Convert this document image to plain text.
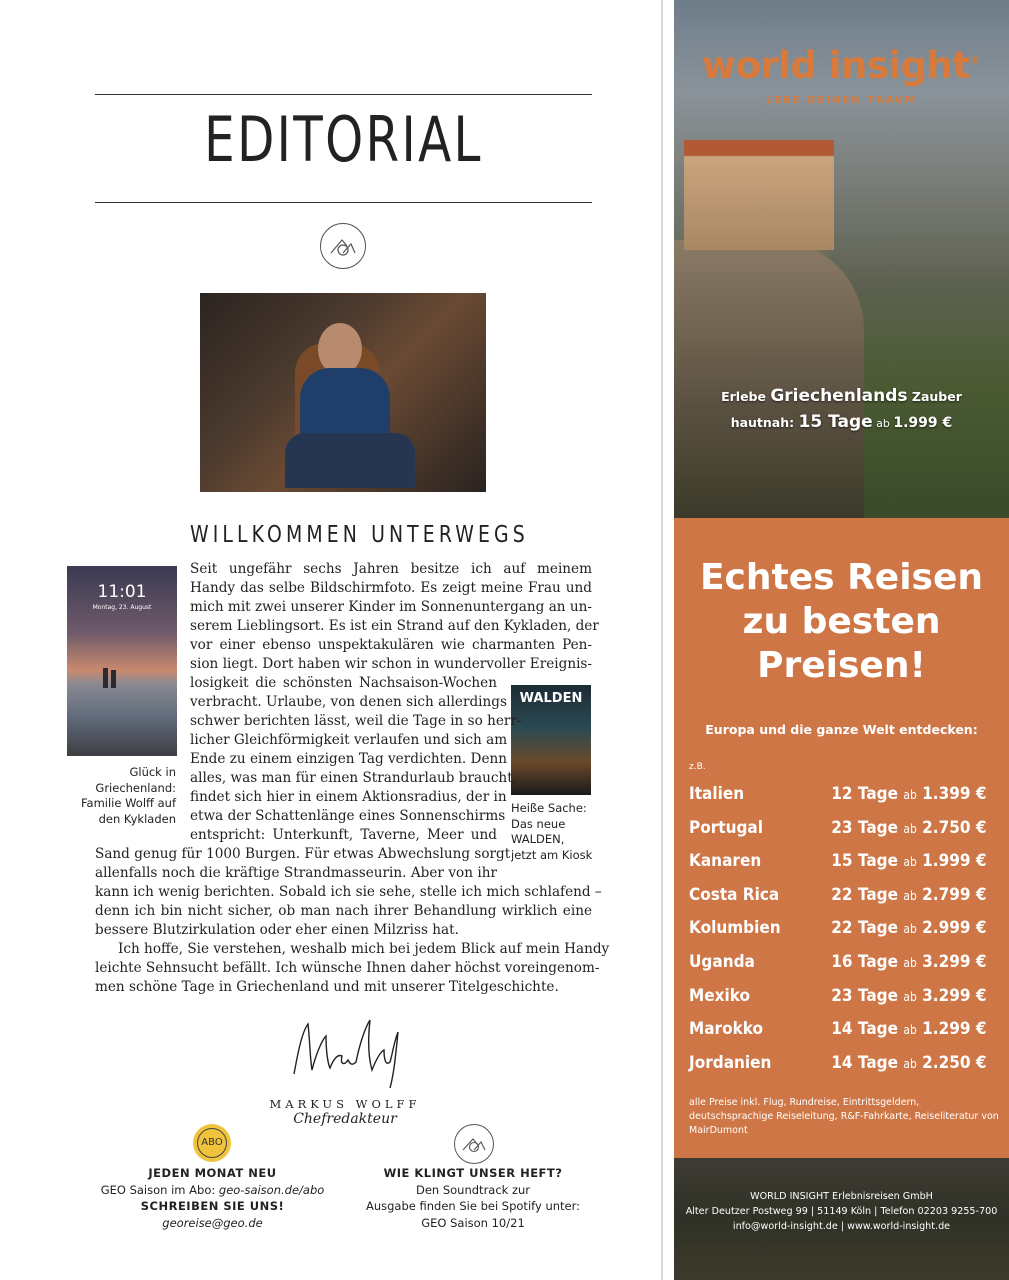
EDITORIAL
WILLKOMMEN UNTERWEGS
11:01
Montag, 23. August
Glück in
Griechenland:
Familie Wolff auf
den Kykladen
WALDEN
Heiße Sache:
Das neue
WALDEN,
jetzt am Kiosk
Seit ungefähr sechs Jahren besitze ich auf meinem
Handy das selbe Bildschirmfoto. Es zeigt meine Frau und
mich mit zwei unserer Kinder im Sonnenuntergang an un-
serem Lieblingsort. Es ist ein Strand auf den Kykladen, der
vor einer ebenso unspektakulären wie charmanten Pen-
sion liegt. Dort haben wir schon in wundervoller Ereignis-
losigkeit die schönsten Nachsaison-Wochen
verbracht. Urlaube, von denen sich allerdings
schwer berichten lässt, weil die Tage in so herr-
licher Gleichförmigkeit verlaufen und sich am
Ende zu einem einzigen Tag verdichten. Denn
alles, was man für einen Strandurlaub braucht,
findet sich hier in einem Aktionsradius, der in
etwa der Schattenlänge eines Sonnenschirms
entspricht: Unterkunft, Taverne, Meer und
Sand genug für 1000 Burgen. Für etwas Abwechslung sorgt
allenfalls noch die kräftige Strandmasseurin. Aber von ihr
kann ich wenig berichten. Sobald ich sie sehe, stelle ich mich schlafend –
denn ich bin nicht sicher, ob man nach ihrer Behandlung wirklich eine
bessere Blutzirkulation oder eher einen Milzriss hat.
Ich hoffe, Sie verstehen, weshalb mich bei jedem Blick auf mein Handy
leichte Sehnsucht befällt. Ich wünsche Ihnen daher höchst voreingenom-
men schöne Tage in Griechenland und mit unserer Titelgeschichte.
MARKUS WOLFF
Chefredakteur
ABO
JEDEN MONAT NEU
GEO Saison im Abo: geo-saison.de/abo
SCHREIBEN SIE UNS!
georeise@geo.de
WIE KLINGT UNSER HEFT?
Den Soundtrack zur
Ausgabe finden Sie bei Spotify unter:
GEO Saison 10/21
world insight®
LEBE DEINEN TRAUM
Erlebe Griechenlands Zauber
hautnah: 15 Tage ab 1.999 €
Echtes Reisen
zu besten
Preisen!
Europa und die ganze Welt entdecken:
z.B.
Italien	12 Tage ab 1.399 €
Portugal	23 Tage ab 2.750 €
Kanaren	15 Tage ab 1.999 €
Costa Rica	22 Tage ab 2.799 €
Kolumbien	22 Tage ab 2.999 €
Uganda	16 Tage ab 3.299 €
Mexiko	23 Tage ab 3.299 €
Marokko	14 Tage ab 1.299 €
Jordanien	14 Tage ab 2.250 €
alle Preise inkl. Flug, Rundreise, Eintrittsgeldern, deutschsprachige Reiseleitung, R&F-Fahrkarte, Reiseliteratur von MairDumont
WORLD INSIGHT Erlebnisreisen GmbH
Alter Deutzer Postweg 99 | 51149 Köln | Telefon 02203 9255-700
info@world-insight.de | www.world-insight.de
